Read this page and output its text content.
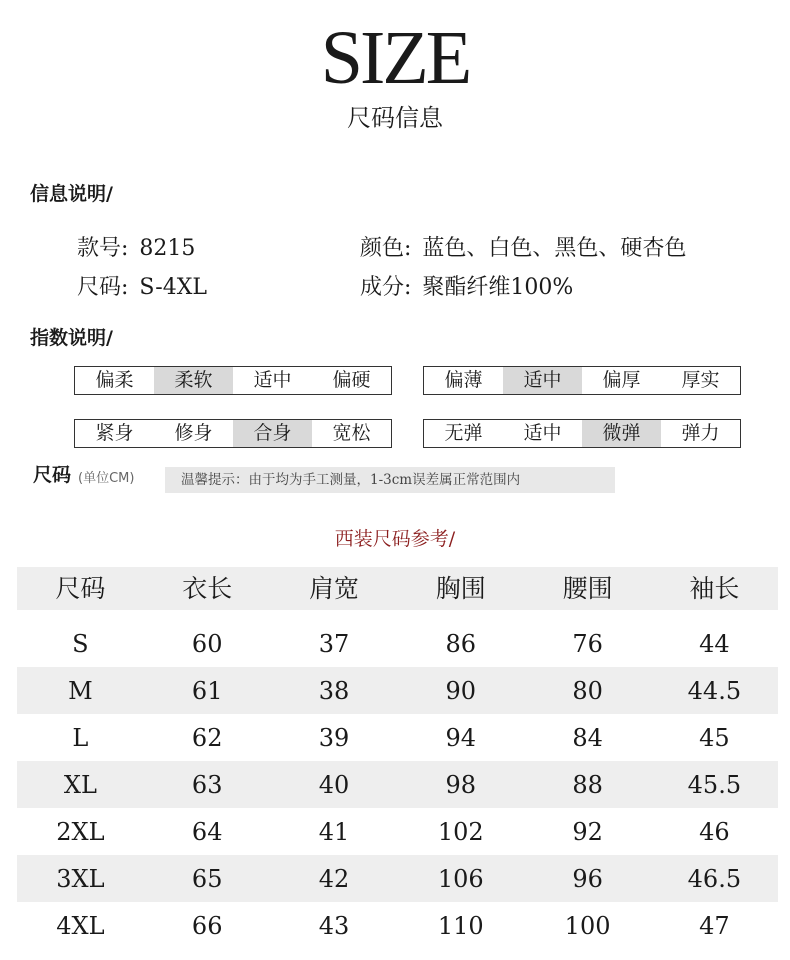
SIZE
尺码信息
信息说明/
款号: 8215
尺码: S-4XL
颜色: 蓝色、白色、黑色、硬杏色
成分: 聚酯纤维100%
指数说明/
偏柔	柔软	适中	偏硬	偏薄	适中	偏厚	厚实
紧身	修身	合身	宽松	无弹	适中	微弹	弹力
尺码 (单位CM)	温馨提示：由于均为手工测量，1-3cm误差属正常范围内
西装尺码参考/
尺码	衣长	肩宽	胸围	腰围	袖长
S	60	37	86	76	44
M	61	38	90	80	44.5
L	62	39	94	84	45
XL	63	40	98	88	45.5
2XL	64	41	102	92	46
3XL	65	42	106	96	46.5
4XL	66	43	110	100	47
